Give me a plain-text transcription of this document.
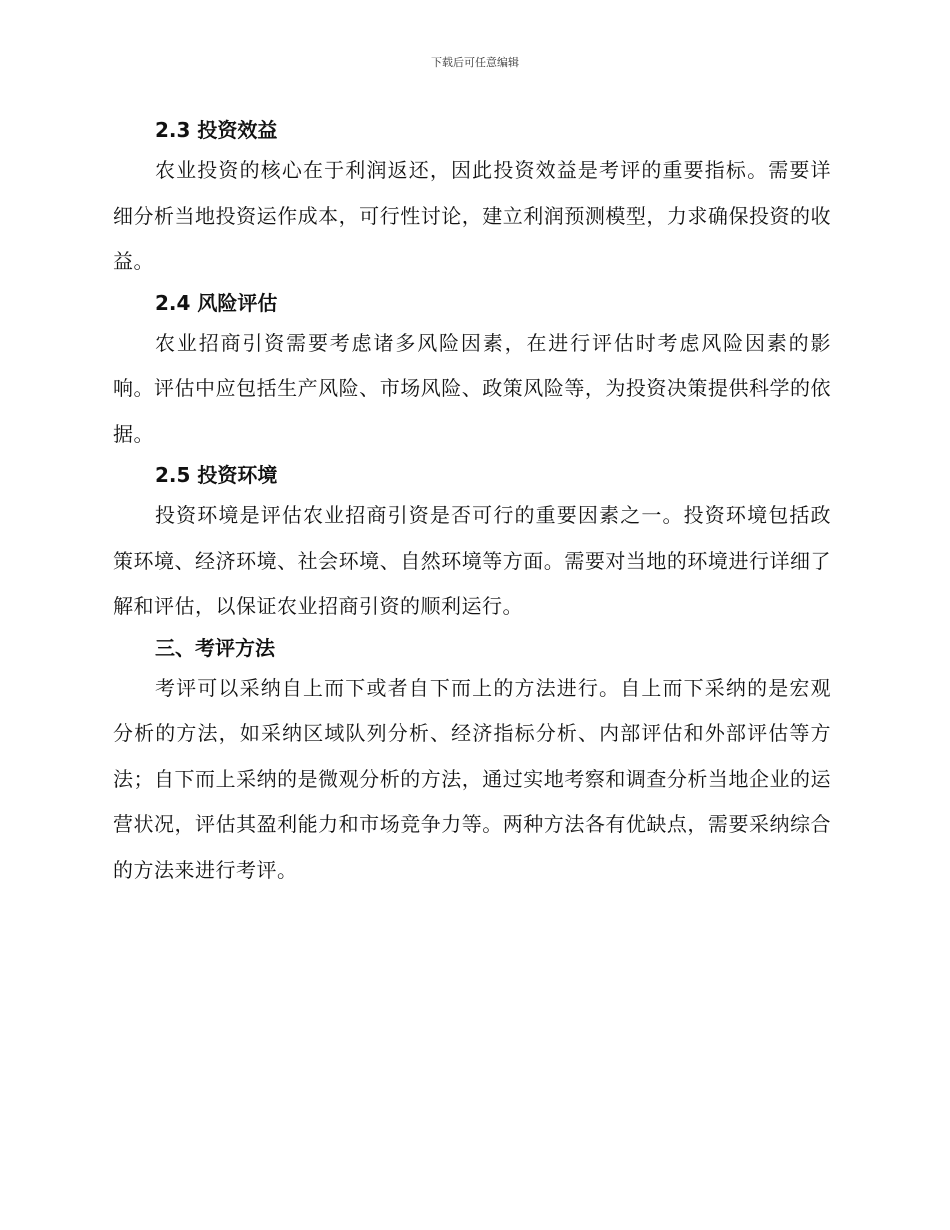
下载后可任意编辑
2.3 投资效益

农业投资的核心在于利润返还，因此投资效益是考评的重要指标。需要详细分析当地投资运作成本，可行性讨论，建立利润预测模型，力求确保投资的收益。

2.4 风险评估

农业招商引资需要考虑诸多风险因素，在进行评估时考虑风险因素的影响。评估中应包括生产风险、市场风险、政策风险等，为投资决策提供科学的依据。

2.5 投资环境

投资环境是评估农业招商引资是否可行的重要因素之一。投资环境包括政策环境、经济环境、社会环境、自然环境等方面。需要对当地的环境进行详细了解和评估，以保证农业招商引资的顺利运行。

三、考评方法

考评可以采纳自上而下或者自下而上的方法进行。自上而下采纳的是宏观分析的方法，如采纳区域队列分析、经济指标分析、内部评估和外部评估等方法；自下而上采纳的是微观分析的方法，通过实地考察和调查分析当地企业的运营状况，评估其盈利能力和市场竞争力等。两种方法各有优缺点，需要采纳综合的方法来进行考评。
